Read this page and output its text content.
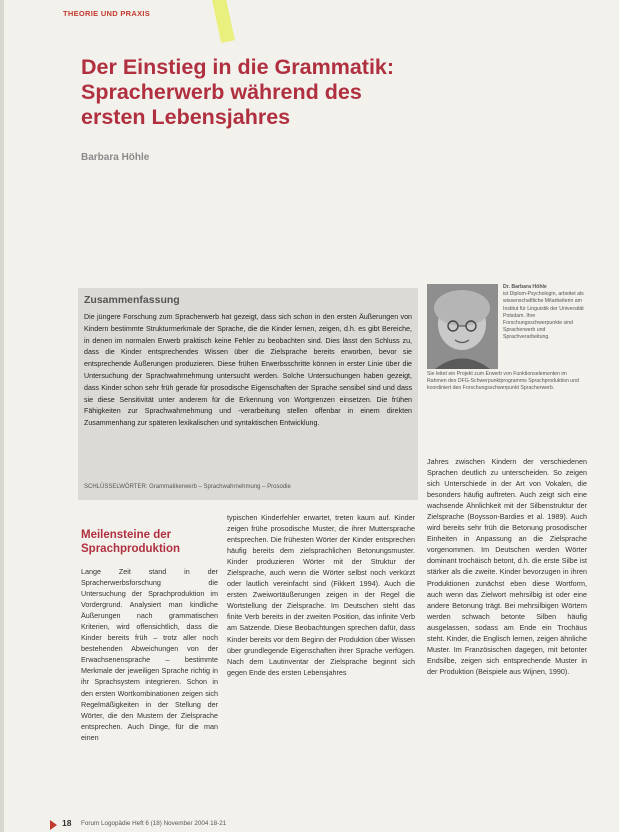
THEORIE UND PRAXIS
Der Einstieg in die Grammatik:
Spracherwerb während des
ersten Lebensjahres
Barbara Höhle
Zusammenfassung
Die jüngere Forschung zum Spracherwerb hat gezeigt, dass sich schon in den ersten Äußerungen von Kindern bestimmte Strukturmerkmale der Sprache, die die Kinder lernen, zeigen, d.h. es gibt Bereiche, in denen im normalen Erwerb praktisch keine Fehler zu beobachten sind. Dies lässt den Schluss zu, dass die Kinder entsprechendes Wissen über die Zielsprache bereits erworben, bevor sie entsprechende Äußerungen produzieren. Diese frühen Erwerbsschritte können in erster Linie über die Untersuchung der Sprachwahrnehmung untersucht werden. Solche Untersuchungen haben gezeigt, dass Kinder schon sehr früh gerade für prosodische Eigenschaften der Sprache sensibel sind und dass sie diese Sensitivität unter anderem für die Erkennung von Wortgrenzen einsetzen. Die frühen Fähigkeiten zur Sprachwahrnehmung und -verarbeitung stellen offenbar in einem direkten Zusammenhang zur späteren lexikalischen und syntaktischen Entwicklung.
SCHLÜSSELWÖRTER: Grammatikerwerb – Sprachwahrnehmung – Prosodie
Dr. Barbara Höhle
ist Diplom-Psychologin, arbeitet als wissenschaftliche Mitarbeiterin am Institut für Linguistik der Universität Potsdam. Ihre Forschungsschwerpunkte sind Spracherwerb und Sprachverarbeitung.
Sie leitet ein Projekt zum Erwerb von Funktionselementen im Rahmen des DFG-Schwerpunktprogramms Sprachproduktion und koordiniert den Forschungsschwerpunkt Spracherwerb.
Meilensteine der
Sprachproduktion

Lange Zeit stand in der Spracherwerbsforschung die Untersuchung der Sprachproduktion im Vordergrund. Analysiert man kindliche Äußerungen nach grammatischen Kriterien, wird offensichtlich, dass die Kinder bereits früh – trotz aller noch bestehenden Abweichungen von der Erwachsenensprache – bestimmte Merkmale der jeweiligen Sprache richtig in ihr Sprachsystem integrieren. Schon in den ersten Wortkombinationen zeigen sich Regelmäßigkeiten in der Stellung der Wörter, die den Mustern der Zielsprache entsprechen. Auch Dinge, für die man einen

typischen Kinderfehler erwartet, treten kaum auf. Kinder zeigen frühe prosodische Muster, die ihrer Muttersprache entsprechen. Die frühesten Wörter der Kinder entsprechen häufig bereits dem zielsprachlichen Betonungsmuster. Kinder produzieren Wörter mit der Struktur der Zielsprache, auch wenn die Wörter selbst noch verkürzt oder lautlich vereinfacht sind (Fikkert 1994). Auch die ersten Zweiwortäußerungen zeigen in der Regel die Wortstellung der Zielsprache. Im Deutschen steht das finite Verb bereits in der zweiten Position, das infinite Verb am Satzende. Diese Beobachtungen sprechen dafür, dass Kinder bereits vor dem Beginn der Produktion über Wissen über grundlegende Eigenschaften ihrer Sprache verfügen. Nach dem Lautinventar der Zielsprache beginnt sich gegen Ende des ersten Lebensjahres

Jahres zwischen Kindern der verschiedenen Sprachen deutlich zu unterscheiden. So zeigen sich Unterschiede in der Art von Vokalen, die besonders häufig auftreten. Auch zeigt sich eine wachsende Ähnlichkeit mit der Silbenstruktur der Zielsprache (Boysson-Bardies et al. 1989). Auch wird bereits sehr früh die Betonung prosodischer Einheiten in Anpassung an die Zielsprache vorgenommen. Im Deutschen werden Wörter dominant trochäisch betont, d.h. die erste Silbe ist stärker als die zweite. Kinder bevorzugen in ihren Produktionen zunächst eben diese Wortform, auch wenn das Zielwort mehrsilbig ist oder eine andere Betonung trägt. Bei mehrsilbigen Wörtern werden schwach betonte Silben häufig ausgelassen, sodass am Ende ein Trochäus steht. Kinder, die Englisch lernen, zeigen ähnliche Muster. Im Französischen dagegen, mit betonter Endsilbe, zeigen sich entsprechende Muster in der Produktion (Beispiele aus Wijnen, 1990).

18 Forum Logopädie Heft 6 (18) November 2004 18-21
